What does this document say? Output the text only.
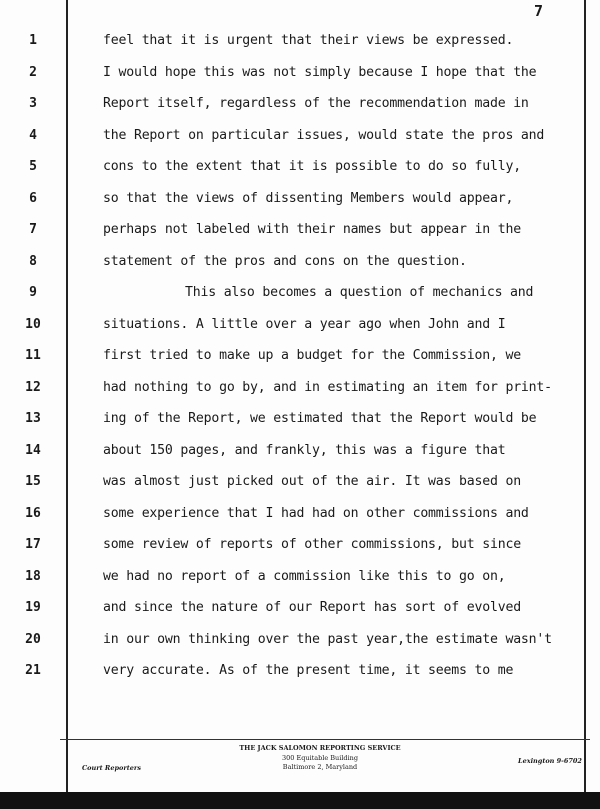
7
1	feel that it is urgent that their views be expressed.
2	I would hope this was not simply because I hope that the
3	Report itself, regardless of the recommendation made in
4	the Report on particular issues, would state the pros and
5	cons to the extent that it is possible to do so fully,
6	so that the views of dissenting Members would appear,
7	perhaps not labeled with their names but appear in the
8	statement of the pros and cons on the question.
9	This also becomes a question of mechanics and
10	situations. A little over a year ago when John and I
11	first tried to make up a budget for the Commission, we
12	had nothing to go by, and in estimating an item for print-
13	ing of the Report, we estimated that the Report would be
14	about 150 pages, and frankly, this was a figure that
15	was almost just picked out of the air. It was based on
16	some experience that I had had on other commissions and
17	some review of reports of other commissions, but since
18	we had no report of a commission like this to go on,
19	and since the nature of our Report has sort of evolved
20	in our own thinking over the past year,the estimate wasn't
21	very accurate. As of the present time, it seems to me
THE JACK SALOMON REPORTING SERVICE
300 Equitable Building
Baltimore 2, Maryland
Court Reporters
Lexington 9-6702
